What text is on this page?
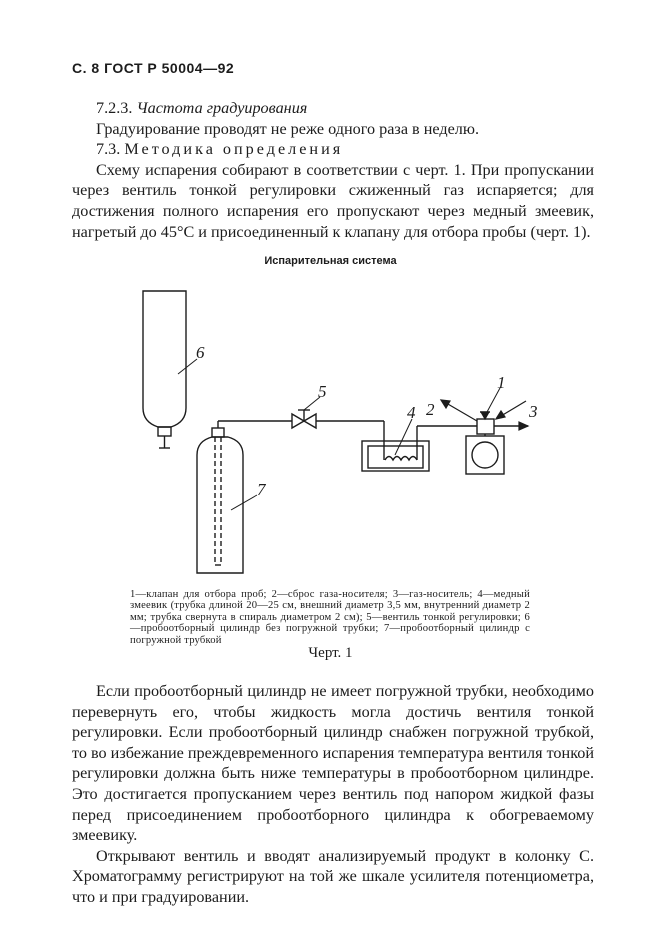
С. 8 ГОСТ Р 50004—92

7.2.3. Частота градуирования

Градуирование проводят не реже одного раза в неделю.

7.3. Методика определения

Схему испарения собирают в соответствии с черт. 1. При пропускании через вентиль тонкой регулировки сжиженный газ испаряется; для достижения полного испарения его пропускают через медный змеевик, нагретый до 45°С и присоединенный к клапану для отбора пробы (черт. 1).

Испарительная система
6
7
5
4 2
1
3
1—клапан для отбора проб; 2—сброс газа-носителя; 3—газ-носитель; 4—медный змеевик (трубка длиной 20—25 см, внешний диаметр 3,5 мм, внутренний диаметр 2 мм; трубка свернута в спираль диаметром 2 см); 5—вентиль тонкой регулировки; 6—пробоотборный цилиндр без погружной трубки; 7—пробоотборный цилиндр с погружной трубкой
Черт. 1

Если пробоотборный цилиндр не имеет погружной трубки, необходимо перевернуть его, чтобы жидкость могла достичь вентиля тонкой регулировки. Если пробоотборный цилиндр снабжен погружной трубкой, то во избежание преждевременного испарения температура вентиля тонкой регулировки должна быть ниже температуры в пробоотборном цилиндре. Это достигается пропусканием через вентиль под напором жидкой фазы перед присоединением пробоотборного цилиндра к обогреваемому змеевику.

Открывают вентиль и вводят анализируемый продукт в колонку С. Хроматограмму регистрируют на той же шкале усилителя потенциометра, что и при градуировании.
